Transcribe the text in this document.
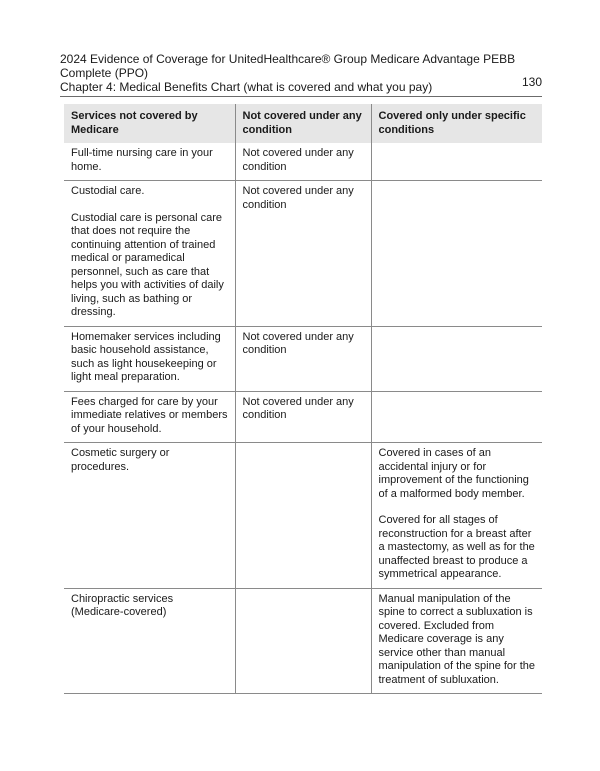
2024 Evidence of Coverage for UnitedHealthcare® Group Medicare Advantage PEBB Complete (PPO)
Chapter 4: Medical Benefits Chart (what is covered and what you pay)	130
Services not covered by Medicare	Not covered under any condition	Covered only under specific conditions

Full-time nursing care in your home.	Not covered under any condition	

Custodial care.
Custodial care is personal care that does not require the continuing attention of trained medical or paramedical personnel, such as care that helps you with activities of daily living, such as bathing or dressing.	Not covered under any condition	

Homemaker services including basic household assistance, such as light housekeeping or light meal preparation.	Not covered under any condition	

Fees charged for care by your immediate relatives or members of your household.	Not covered under any condition	

Cosmetic surgery or procedures.		Covered in cases of an accidental injury or for improvement of the functioning of a malformed body member.
Covered for all stages of reconstruction for a breast after a mastectomy, as well as for the unaffected breast to produce a symmetrical appearance.

Chiropractic services (Medicare-covered)		Manual manipulation of the spine to correct a subluxation is covered. Excluded from Medicare coverage is any service other than manual manipulation of the spine for the treatment of subluxation.
